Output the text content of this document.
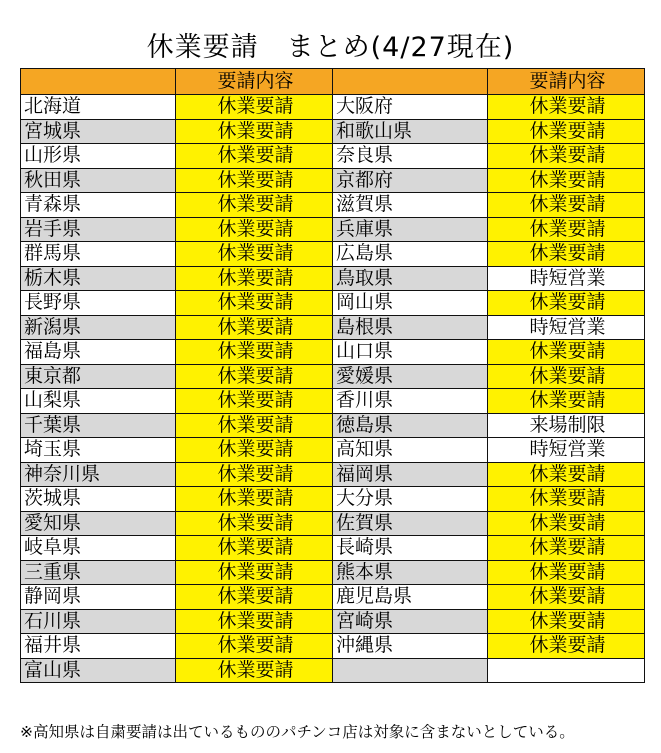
休業要請　まとめ(4/27現在)
	要請内容		要請内容
北海道	休業要請	大阪府	休業要請
宮城県	休業要請	和歌山県	休業要請
山形県	休業要請	奈良県	休業要請
秋田県	休業要請	京都府	休業要請
青森県	休業要請	滋賀県	休業要請
岩手県	休業要請	兵庫県	休業要請
群馬県	休業要請	広島県	休業要請
栃木県	休業要請	鳥取県	時短営業
長野県	休業要請	岡山県	休業要請
新潟県	休業要請	島根県	時短営業
福島県	休業要請	山口県	休業要請
東京都	休業要請	愛媛県	休業要請
山梨県	休業要請	香川県	休業要請
千葉県	休業要請	徳島県	来場制限
埼玉県	休業要請	高知県	時短営業
神奈川県	休業要請	福岡県	休業要請
茨城県	休業要請	大分県	休業要請
愛知県	休業要請	佐賀県	休業要請
岐阜県	休業要請	長崎県	休業要請
三重県	休業要請	熊本県	休業要請
静岡県	休業要請	鹿児島県	休業要請
石川県	休業要請	宮崎県	休業要請
福井県	休業要請	沖縄県	休業要請
富山県	休業要請		
※高知県は自粛要請は出ているもののパチンコ店は対象に含まないとしている。
